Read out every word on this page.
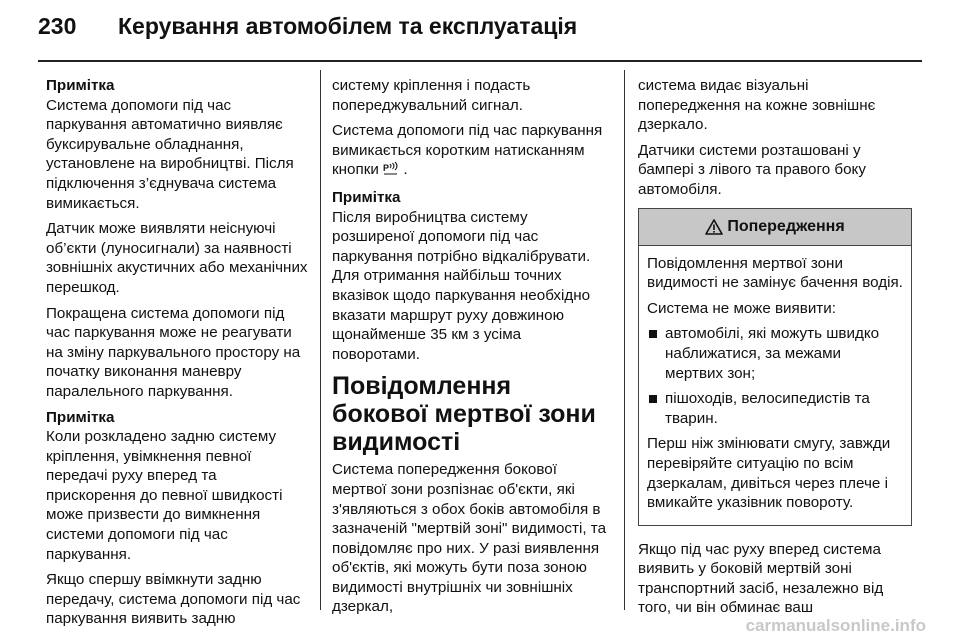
230 Керування автомобілем та експлуатація

Примітка

Система допомоги під час паркування автоматично виявляє буксирувальне обладнання, установлене на виробництві. Після підключення з’єднувача система вимикається.

Датчик може виявляти неіснуючі об’єкти (луносигнали) за наявності зовнішніх акустичних або механічних перешкод.

Покращена система допомоги під час паркування може не реагувати на зміну паркувального простору на початку виконання маневру паралельного паркування.

Примітка

Коли розкладено задню систему кріплення, увімкнення певної передачі руху вперед та прискорення до певної швидкості може призвести до вимкнення системи допомоги під час паркування.

Якщо спершу ввімкнути задню передачу, система допомоги під час паркування виявить задню

систему кріплення і подасть попереджувальний сигнал.

Система допомоги під час паркування вимикається коротким натисканням кнопки P .

Примітка

Після виробництва систему розширеної допомоги під час паркування потрібно відкалібрувати. Для отримання найбільш точних вказівок щодо паркування необхідно вказати маршрут руху довжиною щонайменше 35 км з усіма поворотами.

Повідомлення бокової мертвої зони видимості

Система попередження бокової мертвої зони розпізнає об'єкти, які з'являються з обох боків автомобіля в зазначеній "мертвій зоні" видимості, та повідомляє про них. У разі виявлення об'єктів, які можуть бути поза зоною видимості внутрішніх чи зовнішніх дзеркал,

система видає візуальні попередження на кожне зовнішнє дзеркало.

Датчики системи розташовані у бампері з лівого та правого боку автомобіля.

Попередження

Повідомлення мертвої зони видимості не замінує бачення водія.

Система не може виявити:

автомобілі, які можуть швидко наближатися, за межами мертвих зон;
пішоходів, велосипедистів та тварин.

Перш ніж змінювати смугу, завжди перевіряйте ситуацію по всім дзеркалам, дивіться через плече і вмикайте указівник повороту.

Якщо під час руху вперед система виявить у боковій мертвій зоні транспортний засіб, незалежно від того, чи він обминає ваш

carmanualsonline.info
